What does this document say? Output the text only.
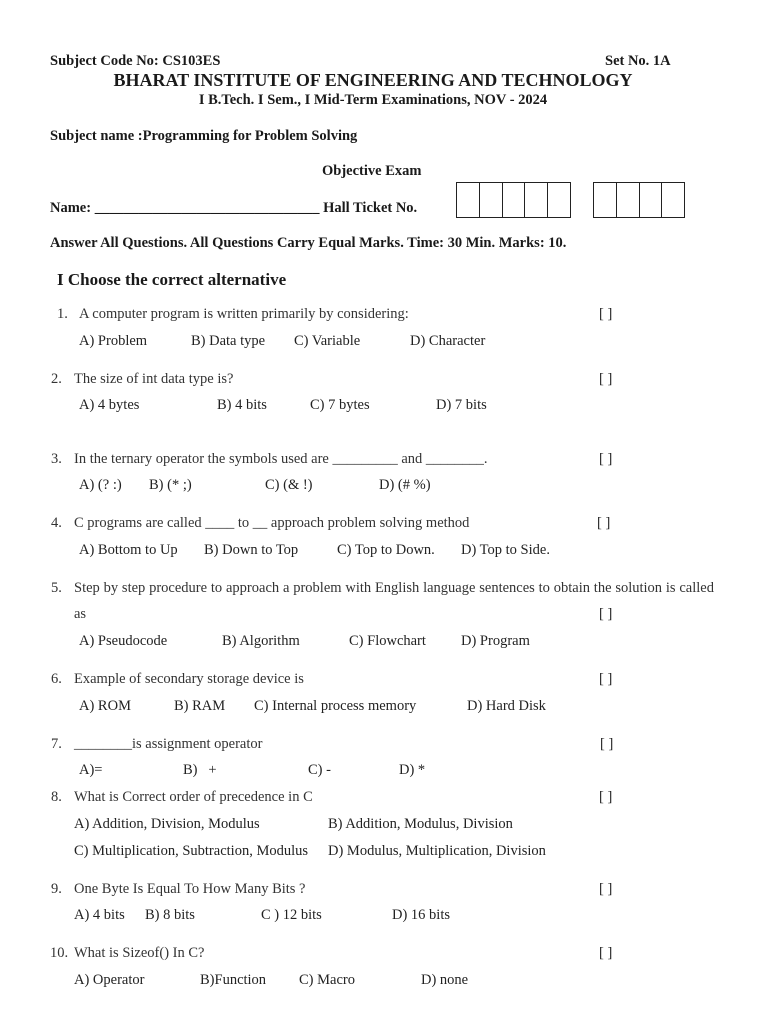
Subject Code No: CS103ES	Set No. 1A
BHARAT INSTITUTE OF ENGINEERING AND TECHNOLOGY
I B.Tech. I Sem., I Mid-Term Examinations, NOV - 2024
Subject name :Programming for Problem Solving
Objective Exam
Name: _______________________________ Hall Ticket No.
Answer All Questions. All Questions Carry Equal Marks. Time: 30 Min. Marks: 10.
I Choose the correct alternative
1. A computer program is written primarily by considering:	[ ]
A) Problem	B) Data type C) Variable	D) Character
2. The size of int data type is?	[ ]
A) 4 bytes	B) 4 bits	C) 7 bytes	D) 7 bits
3. In the ternary operator the symbols used are _________ and ________.	[ ]
A) (? :) B) (* ;)	C) (& !)	D) (# %)
4. C programs are called ____ to __ approach problem solving method	[ ]
A) Bottom to Up B) Down to Top	C) Top to Down. D) Top to Side.
5. Step by step procedure to approach a problem with English language sentences to obtain the solution is called as	[ ]
A) Pseudocode	B) Algorithm	C) Flowchart D) Program
6. Example of secondary storage device is	[ ]
A) ROM	B) RAM C) Internal process memory	D) Hard Disk
7. ________is assignment operator	[ ]
A)=	B)   +	C) -	D) *
8. What is Correct order of precedence in C	[ ]
A) Addition, Division, Modulus	B) Addition, Modulus, Division
C) Multiplication, Subtraction, Modulus D) Modulus, Multiplication, Division
9. One Byte Is Equal To How Many Bits ?	[ ]
A) 4 bits B) 8 bits	C ) 12 bits	D) 16 bits
10. What is Sizeof() In C?	[ ]
A) Operator	B)Function C) Macro	D) none
